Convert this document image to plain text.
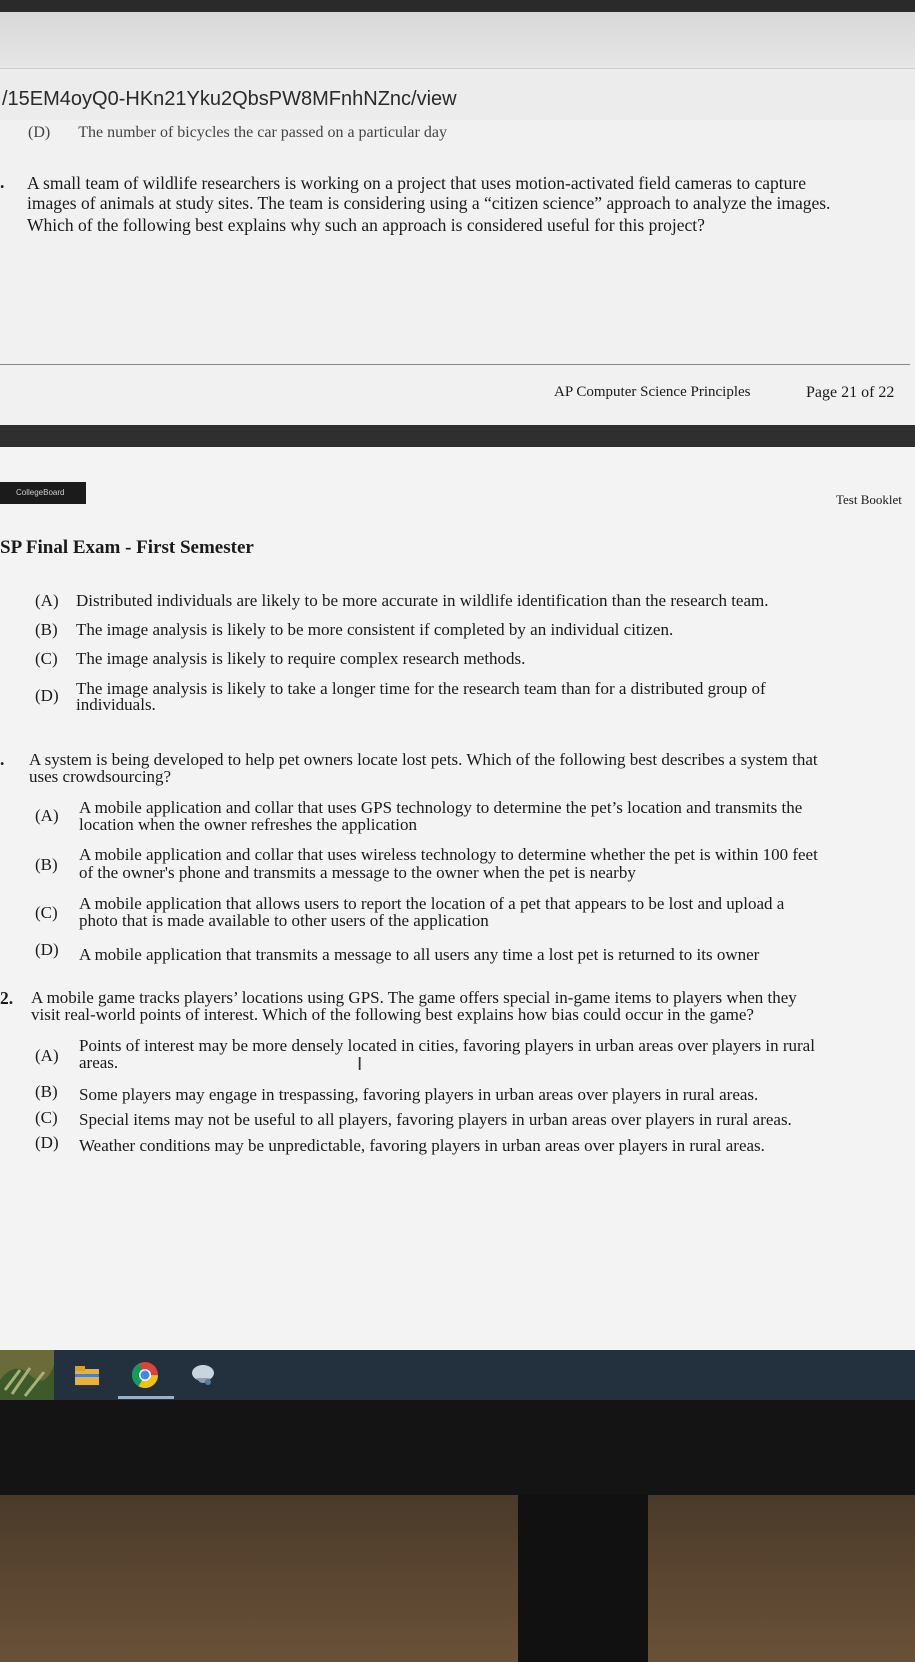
/15EM4oyQ0-HKn21Yku2QbsPW8MFnhNZnc/view
(D) The number of bicycles the car passed on a particular day
. A small team of wildlife researchers is working on a project that uses motion-activated field cameras to capture
images of animals at study sites. The team is considering using a “citizen science” approach to analyze the images.
Which of the following best explains why such an approach is considered useful for this project?
AP Computer Science Principles	Page 21 of 22
CollegeBoard	Test Booklet
SP Final Exam - First Semester
(A) Distributed individuals are likely to be more accurate in wildlife identification than the research team.
(B) The image analysis is likely to be more consistent if completed by an individual citizen.
(C) The image analysis is likely to require complex research methods.
(D) The image analysis is likely to take a longer time for the research team than for a distributed group of
individuals.
. A system is being developed to help pet owners locate lost pets. Which of the following best describes a system that
uses crowdsourcing?
(A) A mobile application and collar that uses GPS technology to determine the pet’s location and transmits the
location when the owner refreshes the application
(B)
A mobile application and collar that uses wireless technology to determine whether the pet is within 100 feet
of the owner's phone and transmits a message to the owner when the pet is nearby
(C) A mobile application that allows users to report the location of a pet that appears to be lost and upload a
photo that is made available to other users of the application
(D) A mobile application that transmits a message to all users any time a lost pet is returned to its owner
2. A mobile game tracks players’ locations using GPS. The game offers special in-game items to players when they
visit real-world points of interest. Which of the following best explains how bias could occur in the game?
(A)
Points of interest may be more densely located in cities, favoring players in urban areas over players in rural
areas.	I
(B) Some players may engage in trespassing, favoring players in urban areas over players in rural areas.
(C) Special items may not be useful to all players, favoring players in urban areas over players in rural areas.
(D) Weather conditions may be unpredictable, favoring players in urban areas over players in rural areas.
